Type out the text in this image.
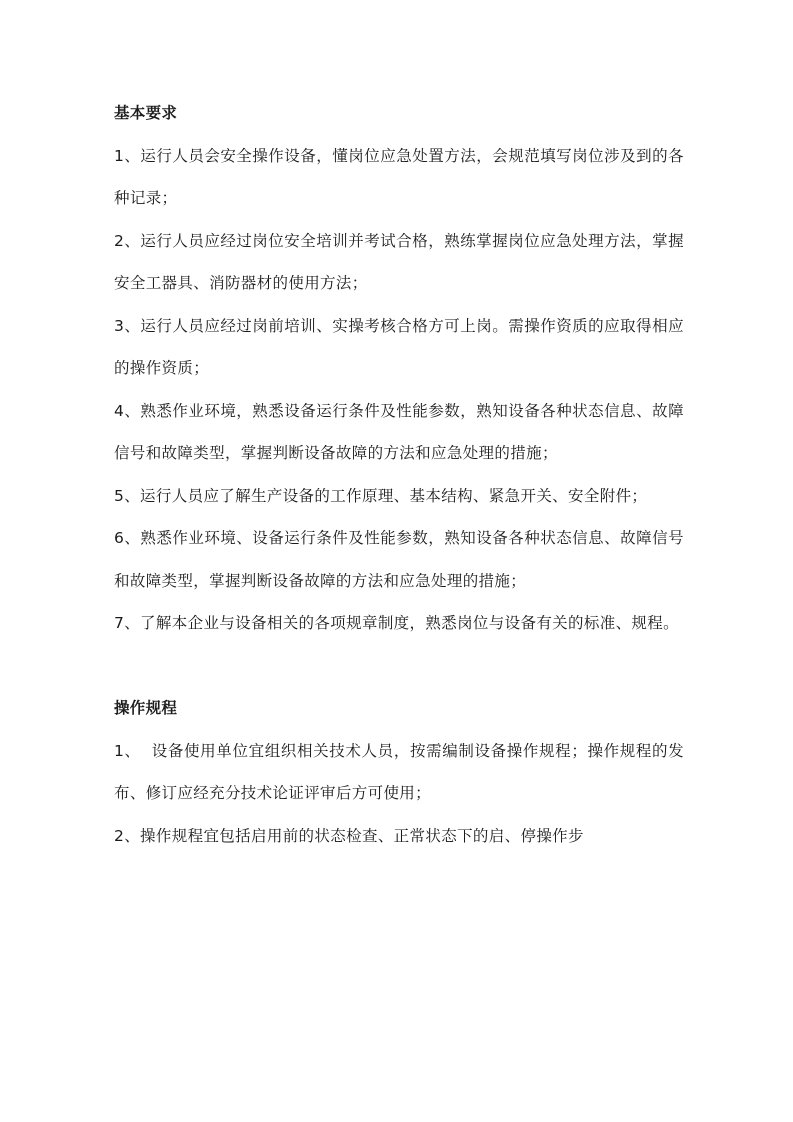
基本要求

1、运行人员会安全操作设备，懂岗位应急处置方法，会规范填写岗位涉及到的各种记录；

2、运行人员应经过岗位安全培训并考试合格，熟练掌握岗位应急处理方法，掌握安全工器具、消防器材的使用方法；

3、运行人员应经过岗前培训、实操考核合格方可上岗。需操作资质的应取得相应的操作资质；

4、熟悉作业环境，熟悉设备运行条件及性能参数，熟知设备各种状态信息、故障信号和故障类型，掌握判断设备故障的方法和应急处理的措施；

5、运行人员应了解生产设备的工作原理、基本结构、紧急开关、安全附件；

6、熟悉作业环境、设备运行条件及性能参数，熟知设备各种状态信息、故障信号和故障类型，掌握判断设备故障的方法和应急处理的措施；

7、了解本企业与设备相关的各项规章制度，熟悉岗位与设备有关的标准、规程。

操作规程

1、  设备使用单位宜组织相关技术人员，按需编制设备操作规程；操作规程的发布、修订应经充分技术论证评审后方可使用；

2、操作规程宜包括启用前的状态检查、正常状态下的启、停操作步
